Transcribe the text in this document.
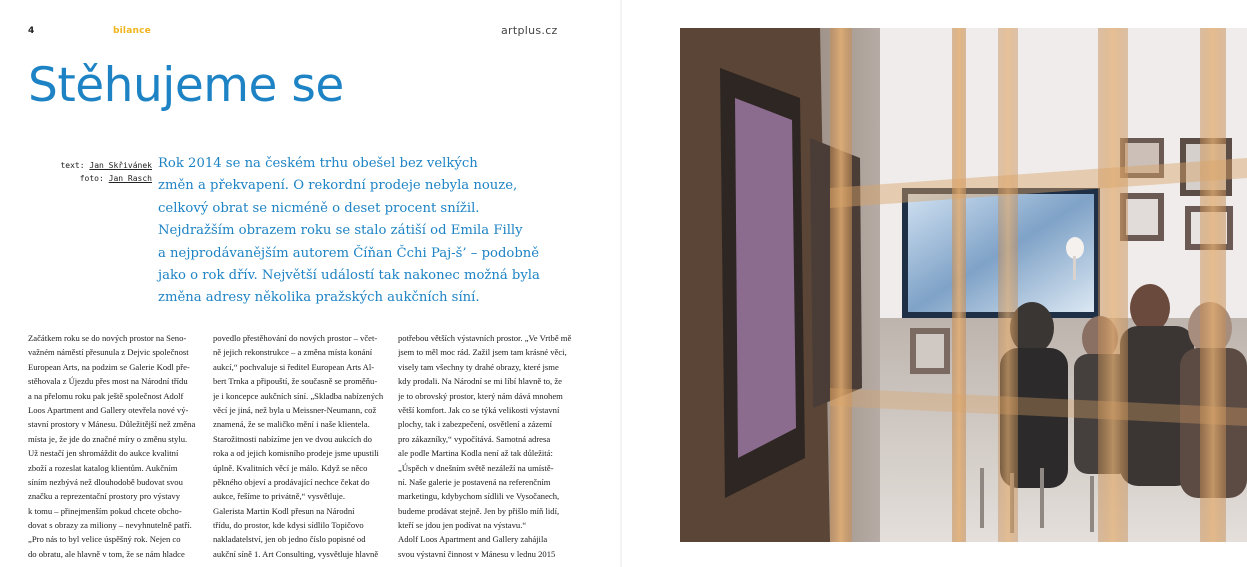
4	bilance	artplus.cz
Stěhujeme se
text: Jan Skřivánek
foto: Jan Rasch

Rok 2014 se na českém trhu obešel bez velkých
změn a překvapení. O rekordní prodeje nebyla nouze,
celkový obrat se nicméně o deset procent snížil.
Nejdražším obrazem roku se stalo zátiší od Emila Filly
a nejprodávanějším autorem Číňan Čchi Paj-š’ – podobně
jako o rok dřív. Největší událostí tak nakonec možná byla
změna adresy několika pražských aukčních síní.

Začátkem roku se do nových prostor na Seno-
važném náměstí přesunula z Dejvic společnost
European Arts, na podzim se Galerie Kodl pře-
stěhovala z Újezdu přes most na Národní třídu
a na přelomu roku pak ještě společnost Adolf
Loos Apartment and Gallery otevřela nové vý-
stavní prostory v Mánesu. Důležitější než změna
místa je, že jde do značné míry o změnu stylu.
Už nestačí jen shromáždit do aukce kvalitní
zboží a rozeslat katalog klientům. Aukčním
síním nezbývá než dlouhodobě budovat svou
značku a reprezentační prostory pro výstavy
k tomu – přinejmenším pokud chcete obcho-
dovat s obrazy za miliony – nevyhnutelně patří.
„Pro nás to byl velice úspěšný rok. Nejen co
do obratu, ale hlavně v tom, že se nám hladce
povedlo přestěhování do nových prostor – včet-
ně jejich rekonstrukce – a změna místa konání
aukcí,“ pochvaluje si ředitel European Arts Al-
bert Trnka a připouští, že současně se proměňu-
je i koncepce aukčních síní. „Skladba nabízených
věcí je jiná, než byla u Meissner-Neumann, což
znamená, že se maličko mění i naše klientela.
Starožitnosti nabízíme jen ve dvou aukcích do
roka a od jejich komisního prodeje jsme upustili
úplně. Kvalitních věcí je málo. Když se něco
pěkného objeví a prodávající nechce čekat do
aukce, řešíme to privátně,“ vysvětluje.
Galerista Martin Kodl přesun na Národní
třídu, do prostor, kde kdysi sídlilo Topičovo
nakladatelství, jen ob jedno číslo popisné od
aukční síně 1. Art Consulting, vysvětluje hlavně
potřebou větších výstavních prostor. „Ve Vrtbě mě
jsem to měl moc rád. Zažil jsem tam krásné věci,
visely tam všechny ty drahé obrazy, které jsme
kdy prodali. Na Národní se mi líbí hlavně to, že
je to obrovský prostor, který nám dává mnohem
větší komfort. Jak co se týká velikosti výstavní
plochy, tak i zabezpečení, osvětlení a zázemí
pro zákazníky,“ vypočítává. Samotná adresa
ale podle Martina Kodla není až tak důležitá:
„Úspěch v dnešním světě nezáleží na umístě-
ní. Naše galerie je postavená na referenčním
marketingu, kdybychom sídlili ve Vysočanech,
budeme prodávat stejně. Jen by přišlo míň lidí,
kteří se jdou jen podívat na výstavu.“
Adolf Loos Apartment and Gallery zahájila
svou výstavní činnost v Mánesu v lednu 2015
